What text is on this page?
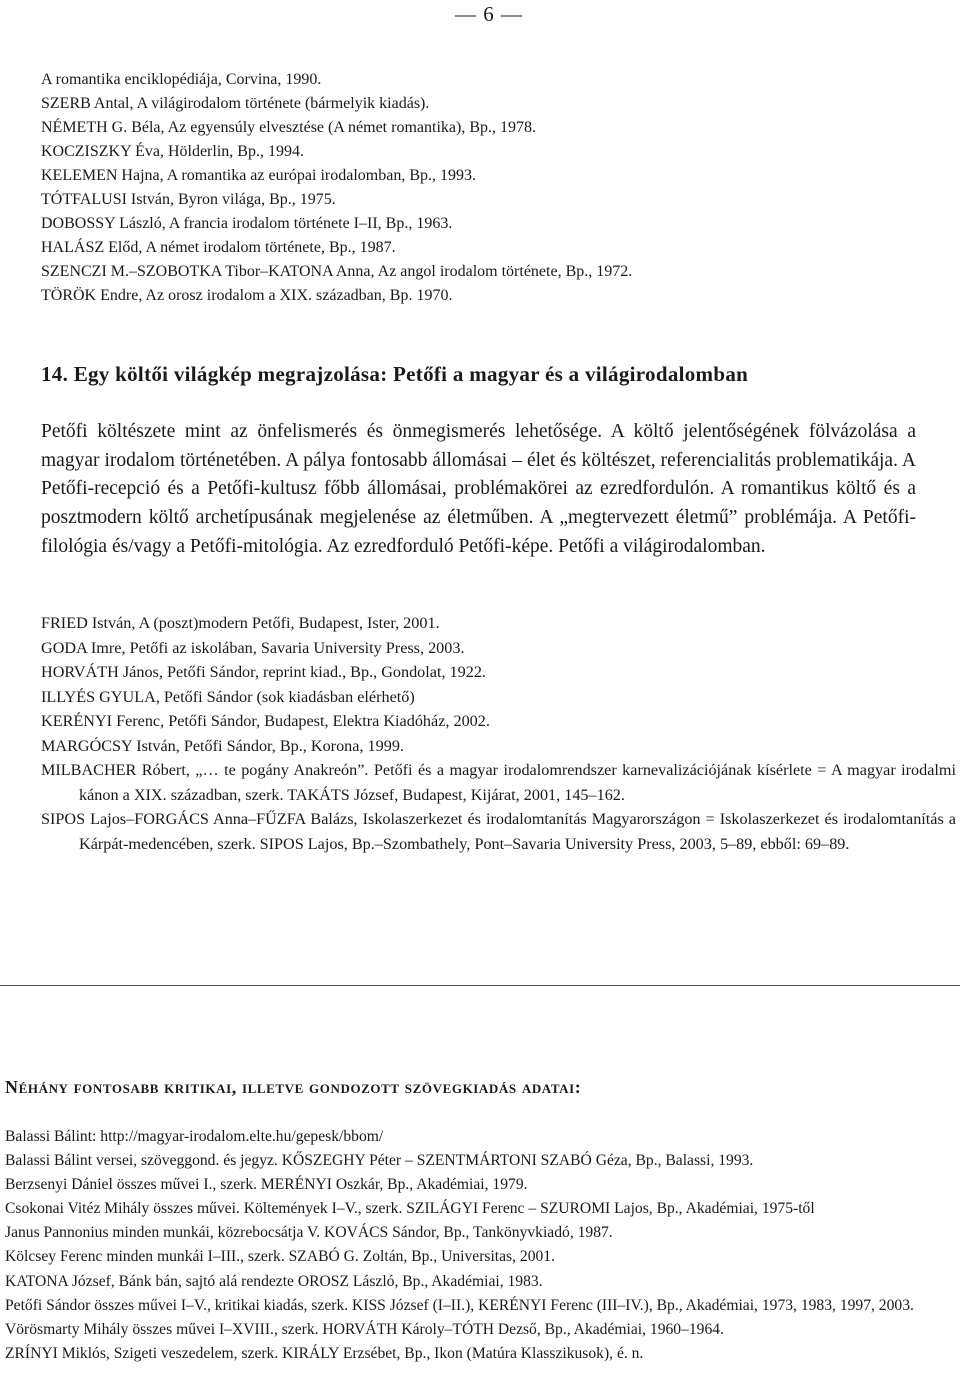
― 6 ―
A romantika enciklopédiája, Corvina, 1990.
SZERB Antal, A világirodalom története (bármelyik kiadás).
NÉMETH G. Béla, Az egyensúly elvesztése (A német romantika), Bp., 1978.
KOCZISZKY Éva, Hölderlin, Bp., 1994.
KELEMEN Hajna, A romantika az európai irodalomban, Bp., 1993.
TÓTFALUSI István, Byron világa, Bp., 1975.
DOBOSSY László, A francia irodalom története I–II, Bp., 1963.
HALÁSZ Előd, A német irodalom története, Bp., 1987.
SZENCZI M.–SZOBOTKA Tibor–KATONA Anna, Az angol irodalom története, Bp., 1972.
TÖRÖK Endre, Az orosz irodalom a XIX. században, Bp. 1970.
14. Egy költői világkép megrajzolása: Petőfi a magyar és a világirodalomban
Petőfi költészete mint az önfelismerés és önmegismerés lehetősége. A költő jelentőségének fölvázolása a magyar irodalom történetében. A pálya fontosabb állomásai – élet és költészet, referencialitás problematikája. A Petőfi-recepció és a Petőfi-kultusz főbb állomásai, problémakörei az ezredfordulón. A romantikus költő és a posztmodern költő archetípusának megjelenése az életműben. A „megtervezett életmű” problémája. A Petőfi-filológia és/vagy a Petőfi-mitológia. Az ezredforduló Petőfi-képe. Petőfi a világirodalomban.
FRIED István, A (poszt)modern Petőfi, Budapest, Ister, 2001.
GODA Imre, Petőfi az iskolában, Savaria University Press, 2003.
HORVÁTH János, Petőfi Sándor, reprint kiad., Bp., Gondolat, 1922.
ILLYÉS GYULA, Petőfi Sándor (sok kiadásban elérhető)
KERÉNYI Ferenc, Petőfi Sándor, Budapest, Elektra Kiadóház, 2002.
MARGÓCSY István, Petőfi Sándor, Bp., Korona, 1999.
MILBACHER Róbert, „… te pogány Anakreón”. Petőfi és a magyar irodalomrendszer karnevalizációjának kísérlete = A magyar irodalmi kánon a XIX. században, szerk. TAKÁTS József, Budapest, Kijárat, 2001, 145–162.
SIPOS Lajos–FORGÁCS Anna–FŰZFA Balázs, Iskolaszerkezet és irodalomtanítás Magyarországon = Iskolaszerkezet és irodalomtanítás a Kárpát-medencében, szerk. SIPOS Lajos, Bp.–Szombathely, Pont–Savaria University Press, 2003, 5–89, ebből: 69–89.
Néhány fontosabb kritikai, illetve gondozott szövegkiadás adatai:
Balassi Bálint: http://magyar-irodalom.elte.hu/gepesk/bbom/
Balassi Bálint versei, szöveggond. és jegyz. KŐSZEGHY Péter – SZENTMÁRTONI SZABÓ Géza, Bp., Balassi, 1993.
Berzsenyi Dániel összes művei I., szerk. MERÉNYI Oszkár, Bp., Akadémiai, 1979.
Csokonai Vitéz Mihály összes művei. Költemények I–V., szerk. SZILÁGYI Ferenc – SZUROMI Lajos, Bp., Akadémiai, 1975-től
Janus Pannonius minden munkái, közrebocsátja V. KOVÁCS Sándor, Bp., Tankönyvkiadó, 1987.
Kölcsey Ferenc minden munkái I–III., szerk. SZABÓ G. Zoltán, Bp., Universitas, 2001.
KATONA József, Bánk bán, sajtó alá rendezte OROSZ László, Bp., Akadémiai, 1983.
Petőfi Sándor összes művei I–V., kritikai kiadás, szerk. KISS József (I–II.), KERÉNYI Ferenc (III–IV.), Bp., Akadémiai, 1973, 1983, 1997, 2003.
Vörösmarty Mihály összes művei I–XVIII., szerk. HORVÁTH Károly–TÓTH Dezső, Bp., Akadémiai, 1960–1964.
ZRÍNYI Miklós, Szigeti veszedelem, szerk. KIRÁLY Erzsébet, Bp., Ikon (Matúra Klasszikusok), é. n.
